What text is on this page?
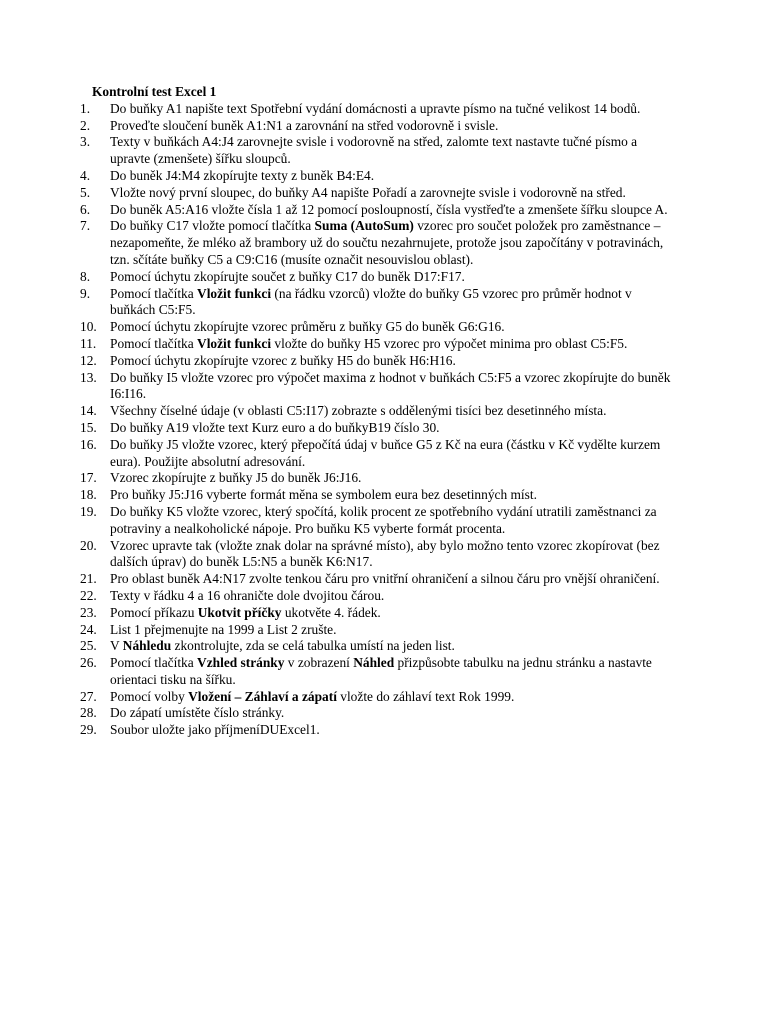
Kontrolní test Excel 1

1.	Do buňky A1 napište text Spotřební vydání domácnosti a upravte písmo na tučné velikost 14 bodů.
2.	Proveďte sloučení buněk A1:N1 a zarovnání na střed vodorovně i svisle.
3.	Texty v buňkách A4:J4 zarovnejte svisle i vodorovně na střed, zalomte text nastavte tučné písmo a upravte (zmenšete) šířku sloupců.
4.	Do buněk J4:M4 zkopírujte texty z buněk B4:E4.
5.	Vložte nový první sloupec, do buňky A4 napište Pořadí a zarovnejte svisle i vodorovně na střed.
6.	Do buněk A5:A16 vložte čísla 1 až 12 pomocí posloupností, čísla vystřeďte a zmenšete šířku sloupce A.
7.	Do buňky C17 vložte pomocí tlačítka Suma (AutoSum) vzorec pro součet položek pro zaměstnance – nezapomeňte, že mléko až brambory už do součtu nezahrnujete, protože jsou započítány v potravinách, tzn. sčítáte buňky C5 a C9:C16 (musíte označit nesouvislou oblast).
8.	Pomocí úchytu zkopírujte součet z buňky C17 do buněk D17:F17.
9.	Pomocí tlačítka Vložit funkci (na řádku vzorců) vložte do buňky G5 vzorec pro průměr hodnot v buňkách C5:F5.
10. Pomocí úchytu zkopírujte vzorec průměru z buňky G5 do buněk G6:G16.
11.	Pomocí tlačítka Vložit funkci vložte do buňky H5 vzorec pro výpočet minima pro oblast C5:F5.
12. Pomocí úchytu zkopírujte vzorec z buňky H5 do buněk H6:H16.
13. Do buňky I5 vložte vzorec pro výpočet maxima z hodnot v buňkách C5:F5 a vzorec zkopírujte do buněk I6:I16.
14. Všechny číselné údaje (v oblasti C5:I17) zobrazte s oddělenými tisíci bez desetinného místa.
15. Do buňky A19 vložte text Kurz euro a do buňkyB19 číslo 30.
16. Do buňky J5 vložte vzorec, který přepočítá údaj v buňce G5 z Kč na eura (částku v Kč vydělte kurzem eura). Použijte absolutní adresování.
17. Vzorec zkopírujte z buňky J5 do buněk J6:J16.
18. Pro buňky J5:J16 vyberte formát měna se symbolem eura bez desetinných míst.
19. Do buňky K5 vložte vzorec, který spočítá, kolik procent ze spotřebního vydání utratili zaměstnanci za potraviny a nealkoholické nápoje. Pro buňku K5 vyberte formát procenta.
20. Vzorec upravte tak (vložte znak dolar na správné místo), aby bylo možno tento vzorec zkopírovat (bez dalších úprav) do buněk L5:N5 a buněk K6:N17.
21. Pro oblast buněk A4:N17 zvolte tenkou čáru pro vnitřní ohraničení a silnou čáru pro vnější ohraničení.
22. Texty v řádku 4 a 16 ohraničte dole dvojitou čárou.
23. Pomocí příkazu Ukotvit příčky ukotvěte 4. řádek.
24. List 1 přejmenujte na 1999 a List 2 zrušte.
25. V Náhledu zkontrolujte, zda se celá tabulka umístí na jeden list.
26. Pomocí tlačítka Vzhled stránky v zobrazení Náhled přizpůsobte tabulku na jednu stránku a nastavte orientaci tisku na šířku.
27. Pomocí volby Vložení – Záhlaví a zápatí vložte do záhlaví text Rok 1999.
28. Do zápatí umístěte číslo stránky.
29. Soubor uložte jako příjmeníDUExcel1.
